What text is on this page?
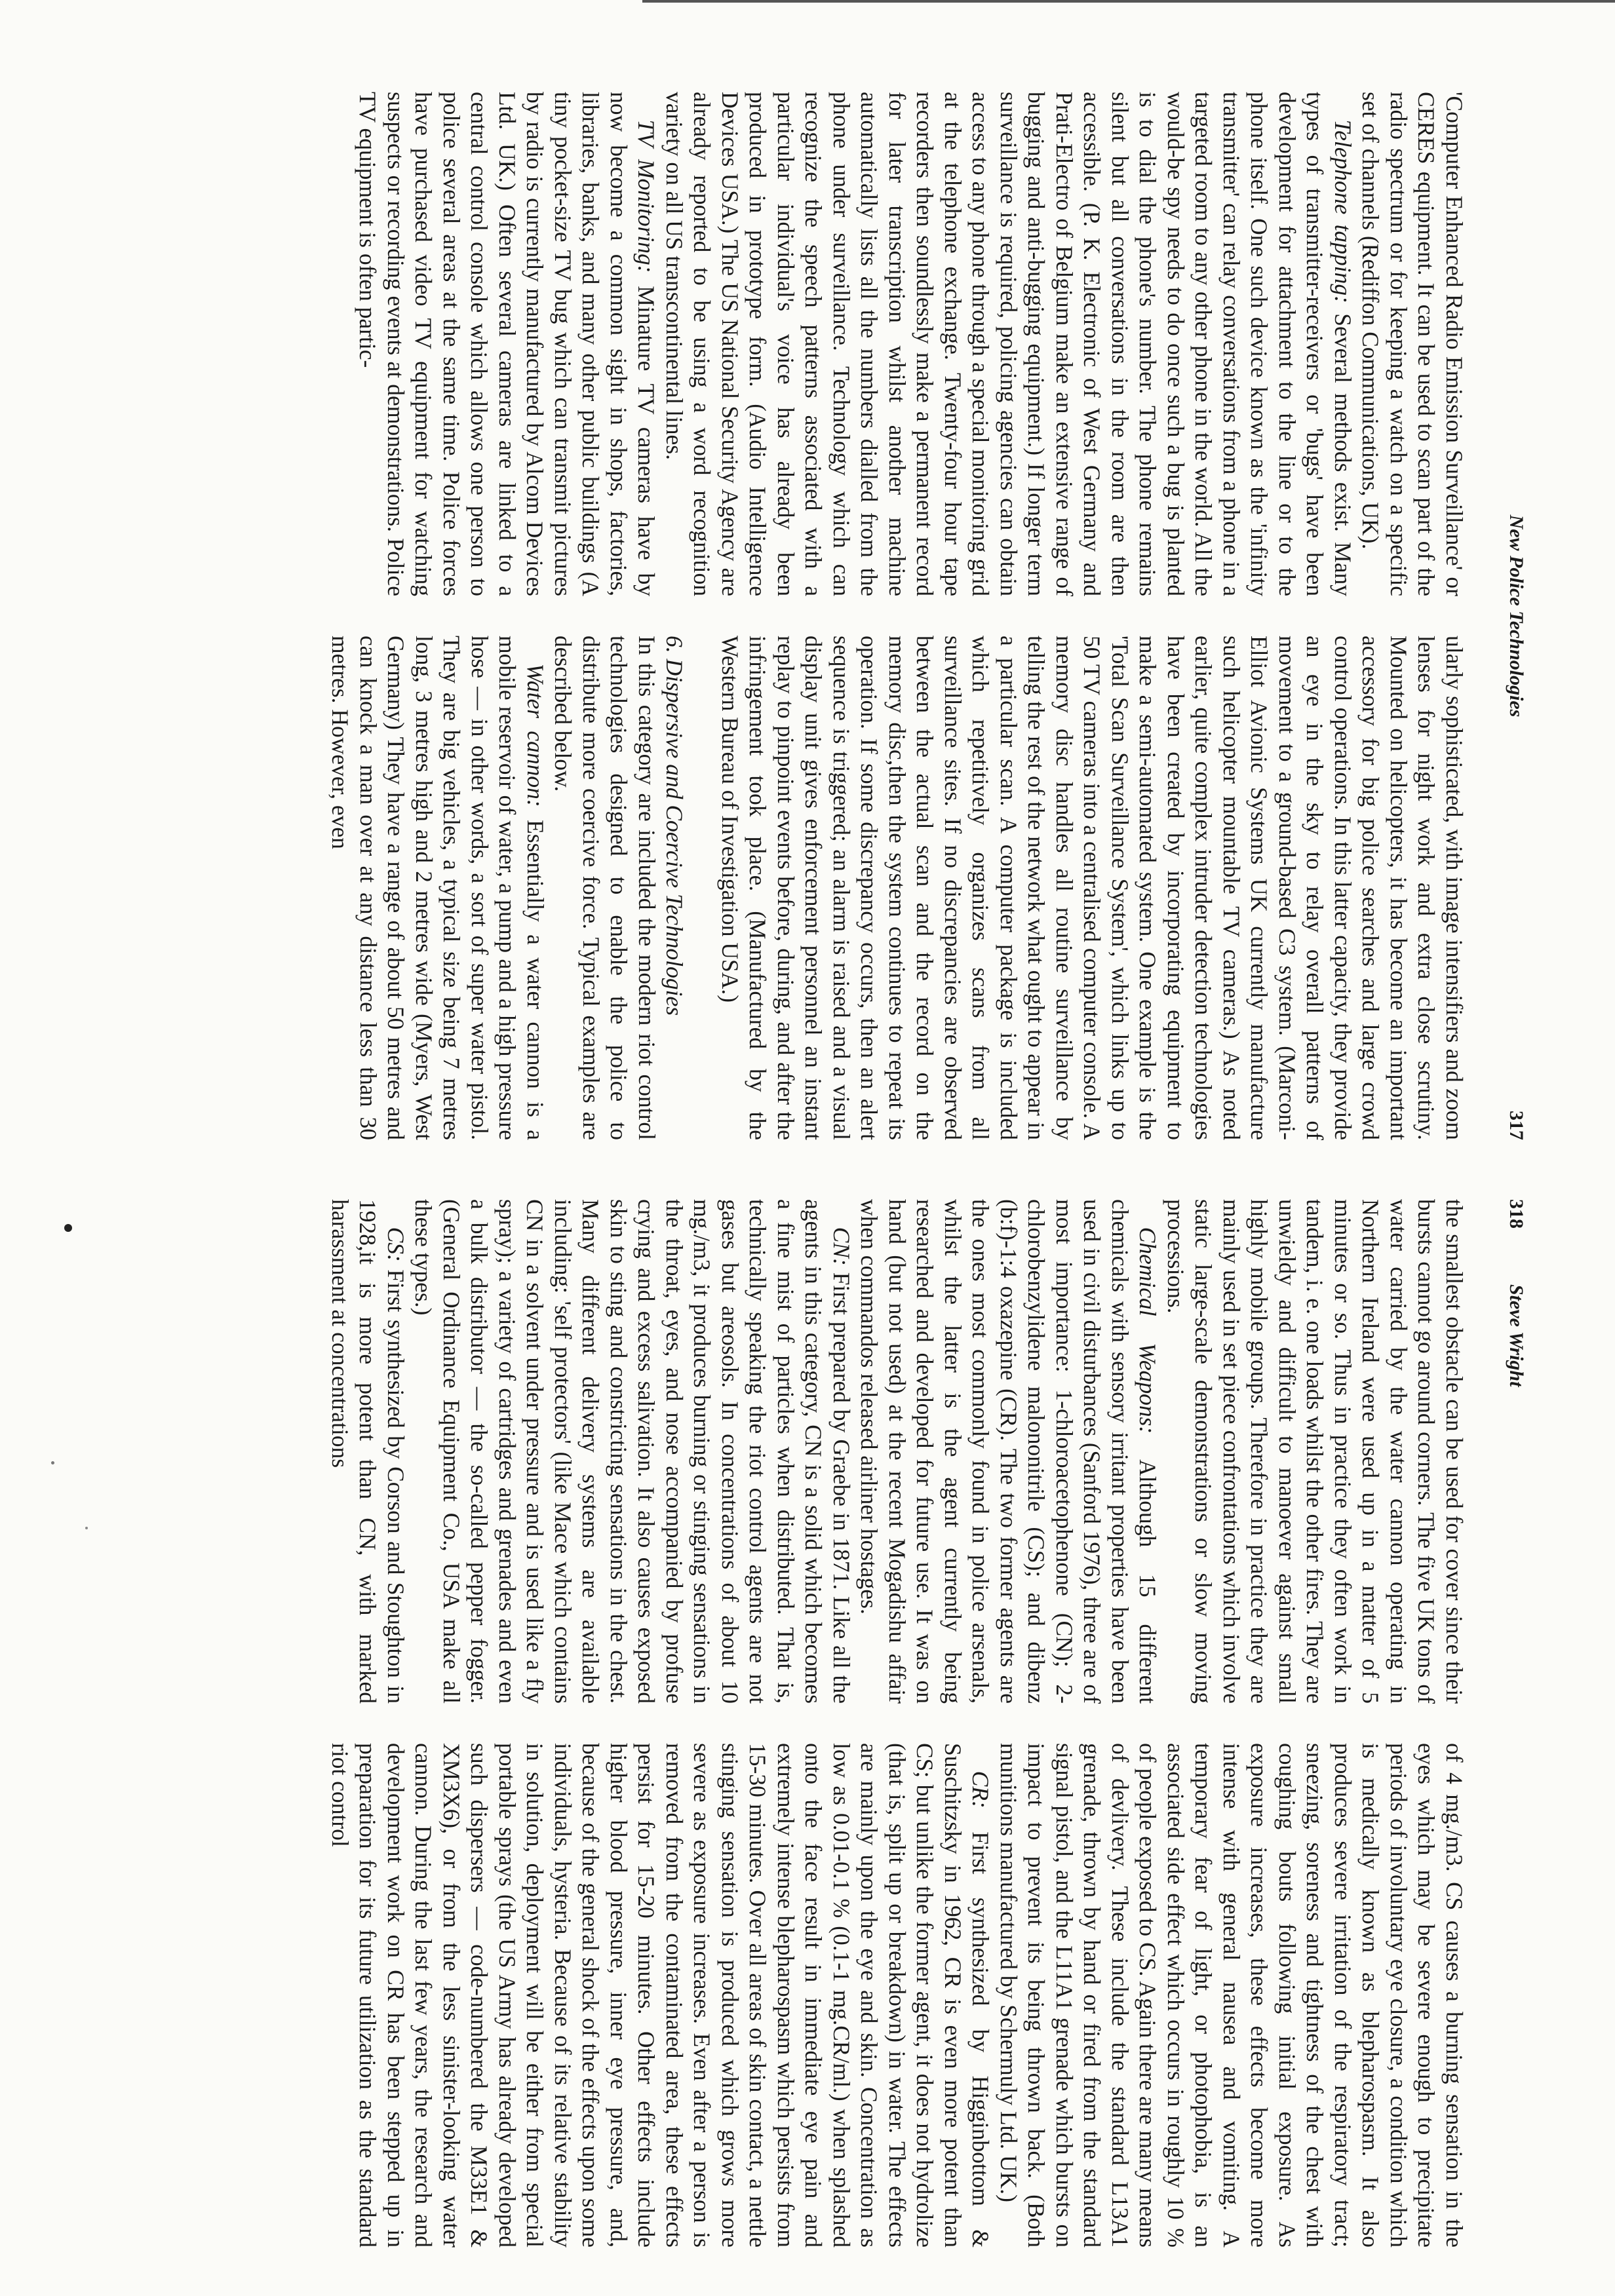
New Police Technologies
317

'Computer Enhanced Radio Emission Surveillance' or CERES equipment. It can be used to scan part of the radio spectrum or for keeping a watch on a specific set of channels (Rediffon Communications, UK).

Telephone tapping: Several methods exist. Many types of transmitter-receivers or 'bugs' have been development for attachment to the line or to the phone itself. One such device known as the 'infinity transmitter' can relay conversations from a phone in a targeted room to any other phone in the world. All the would-be spy needs to do once such a bug is planted is to dial the phone's number. The phone remains silent but all conversations in the room are then accessible. (P. K. Electronic of West Germany and Prati-Electro of Belgium make an extensive range of bugging and anti-bugging equipment.) If longer term surveillance is required, policing agencies can obtain access to any phone through a special monitoring grid at the telephone exchange. Twenty-four hour tape recorders then soundlessly make a permanent record for later transcription whilst another machine automatically lists all the numbers dialled from the phone under surveillance. Technology which can recognize the speech patterns associated with a particular individual's voice has already been produced in prototype form. (Audio Intelligence Devices USA.) The US National Security Agency are already reported to be using a word recognition variety on all US transcontinental lines.

TV Monitoring: Minature TV cameras have by now become a common sight in shops, factories, libraries, banks, and many other public buildings (A tiny pocket-size TV bug which can transmit pictures by radio is currently manufactured by Alcom Devices Ltd. UK.) Often several cameras are linked to a central control console which allows one person to police several areas at the same time. Police forces have purchased video TV equipment for watching suspects or recording events at demonstrations. Police TV equipment is often partic-

ularly sophisticated, with image intensifiers and zoom lenses for night work and extra close scrutiny. Mounted on helicopters, it has become an important accessory for big police searches and large crowd control operations. In this latter capacity, they provide an eye in the sky to relay overall patterns of movement to a ground-based C3 system. (Marconi-Elliot Avionic Systems UK currently manufacture such helicopter mountable TV cameras.) As noted earlier, quite complex intruder detection technologies have been created by incorporating equipment to make a semi-automated system. One example is the 'Total Scan Surveillance System', which links up to 50 TV cameras into a centralised computer console. A memory disc handles all routine surveillance by telling the rest of the network what ought to appear in a particular scan. A computer package is included which repetitively organizes scans from all surveillance sites. If no discrepancies are observed between the actual scan and the record on the memory disc,then the system continues to repeat its operation. If some discrepancy occurs, then an alert sequence is triggered; an alarm is raised and a visual display unit gives enforcement personnel an instant replay to pinpoint events before, during, and after the infringement took place. (Manufactured by the Western Bureau of Investigation USA.)

6. Dispersive and Coercive Technologies

In this category are included the modern riot control technologies designed to enable the police to distribute more coercive force. Typical examples are described below.

Water cannon: Essentially a water cannon is a mobile reservoir of water, a pump and a high pressure hose — in other words, a sort of super water pistol. They are big vehicles, a typical size being 7 metres long, 3 metres high and 2 metres wide (Myers, West Germany) They have a range of about 50 metres and can knock a man over at any distance less than 30 metres. However, even

318
Steve Wright

the smallest obstacle can be used for cover since their bursts cannot go around corners. The five UK tons of water carried by the water cannon operating in Northern Ireland were used up in a matter of 5 minutes or so. Thus in practice they often work in tandem, i. e. one loads whilst the other fires. They are unwieldy and difficult to manoever against small highly mobile groups. Therefore in practice they are mainly used in set piece confrontations which involve static large-scale demonstrations or slow moving processions.

Chemical Weapons: Although 15 different chemicals with sensory irritant properties have been used in civil disturbances (Sanford 1976), three are of most importance: 1-chloroacetophenone (CN); 2-chlorobenzylidene malononitrile (CS); and dibenz (b:f)-1:4 oxazepine (CR). The two former agents are the ones most commonly found in police arsenals, whilst the latter is the agent currently being researched and developed for future use. It was on hand (but not used) at the recent Mogadishu affair when commandos released airliner hostages.

CN: First prepared by Graebe in 1871. Like all the agents in this category, CN is a solid which becomes a fine mist of particles when distributed. That is, technically speaking the riot control agents are not gases but areosols. In concentrations of about 10 mg./m3, it produces burning or stinging sensations in the throat, eyes, and nose accompanied by profuse crying and excess salivation. It also causes exposed skin to sting and constricting sensations in the chest. Many different delivery systems are available including: 'self protectors' (like Mace which contains CN in a solvent under pressure and is used like a fly spray); a variety of cartridges and grenades and even a bulk distributor — the so-called pepper fogger. (General Ordinance Equipment Co., USA make all these types.)

CS: First synthesized by Corson and Stoughton in 1928,it is more potent than CN, with marked harassment at concentrations

of 4 mg./m3. CS causes a burning sensation in the eyes which may be severe enough to precipitate periods of involuntary eye closure, a condition which is medically known as blepharospasm. It also produces severe irritation of the respiratory tract; sneezing, soreness and tightness of the chest with coughing bouts following initial exposure. As exposure increases, these effects become more intense with general nausea and vomiting. A temporary fear of light, or photophobia, is an associated side effect which occurs in roughly 10 % of people exposed to CS. Again there are many means of devlivery. These include the standard L13A1 grenade, thrown by hand or fired from the standard signal pistol, and the L11A1 grenade which bursts on impact to prevent its being thrown back. (Both munitions manufactured by Schermuly Ltd. UK.)

CR: First synthesized by Higginbottom & Suschitzsky in 1962, CR is even more potent than CS; but unlike the former agent, it does not hydrolize (that is, split up or breakdown) in water. The effects are mainly upon the eye and skin. Concentration as low as 0.01-0.1 % (0.1-1 mg.CR/ml.) when splashed onto the face result in immediate eye pain and extremely intense blepharospasm which persists from 15-30 minutes. Over all areas of skin contact, a nettle stinging sensation is produced which grows more severe as exposure increases. Even after a person is removed from the contaminated area, these effects persist for 15-20 minutes. Other effects include higher blood pressure, inner eye pressure, and, because of the general shock of the effects upon some individuals, hysteria. Because of its relative stability in solution, deployment will be either from special portable sprays (the US Army has already developed such dispersers — code-numbered the M33E1 & XM3X6), or from the less sinister-looking water cannon. During the last few years, the research and development work on CR has been stepped up in preparation for its future utilization as the standard riot control
